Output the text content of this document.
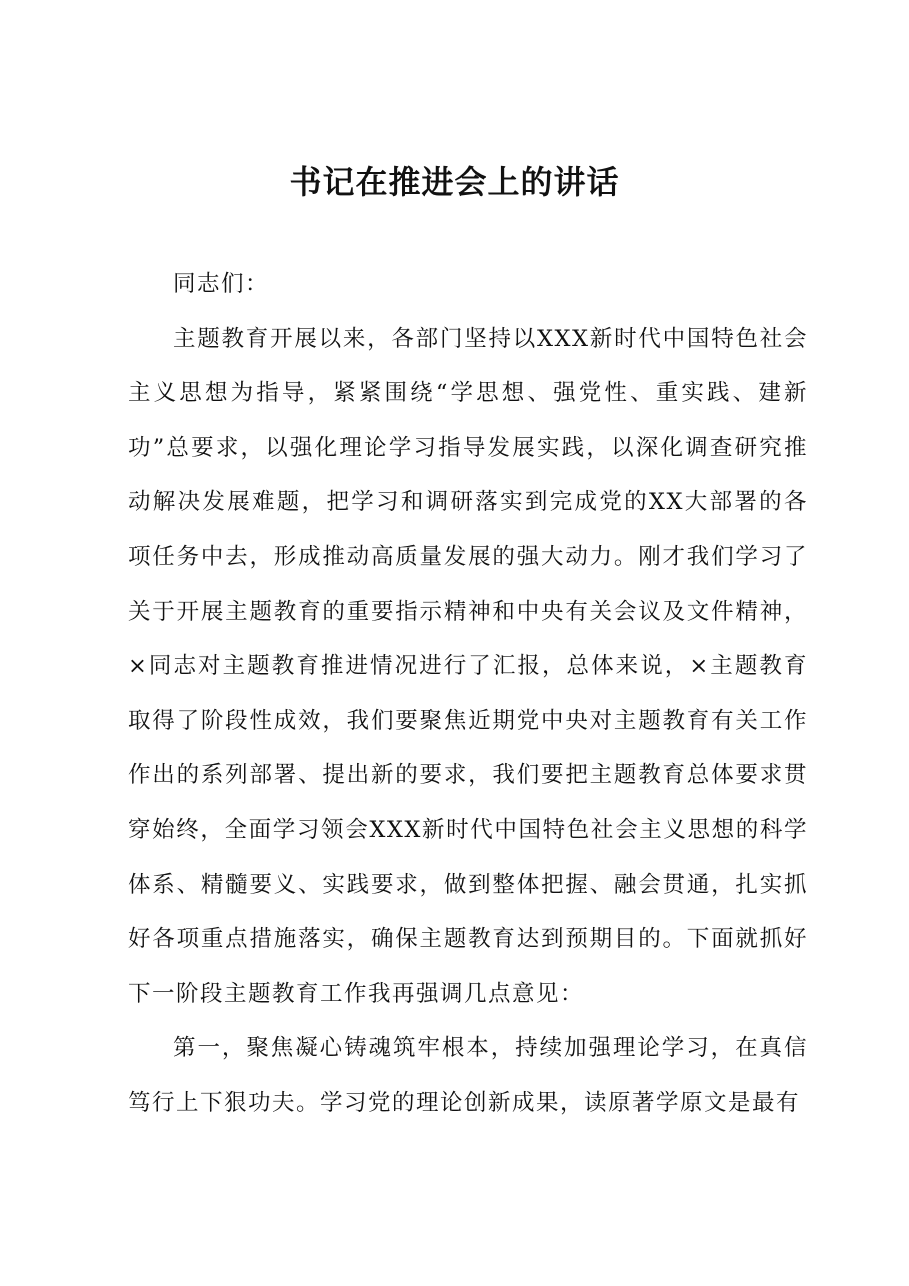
书记在推进会上的讲话

同志们：

主题教育开展以来，各部门坚持以XXX新时代中国特色社会主义思想为指导，紧紧围绕“学思想、强党性、重实践、建新功”总要求，以强化理论学习指导发展实践，以深化调查研究推动解决发展难题，把学习和调研落实到完成党的XX大部署的各项任务中去，形成推动高质量发展的强大动力。刚才我们学习了关于开展主题教育的重要指示精神和中央有关会议及文件精神，×同志对主题教育推进情况进行了汇报，总体来说，×主题教育取得了阶段性成效，我们要聚焦近期党中央对主题教育有关工作作出的系列部署、提出新的要求，我们要把主题教育总体要求贯穿始终，全面学习领会XXX新时代中国特色社会主义思想的科学体系、精髓要义、实践要求，做到整体把握、融会贯通，扎实抓好各项重点措施落实，确保主题教育达到预期目的。下面就抓好下一阶段主题教育工作我再强调几点意见：

第一，聚焦凝心铸魂筑牢根本，持续加强理论学习，在真信笃行上下狠功夫。学习党的理论创新成果，读原著学原文是最有
